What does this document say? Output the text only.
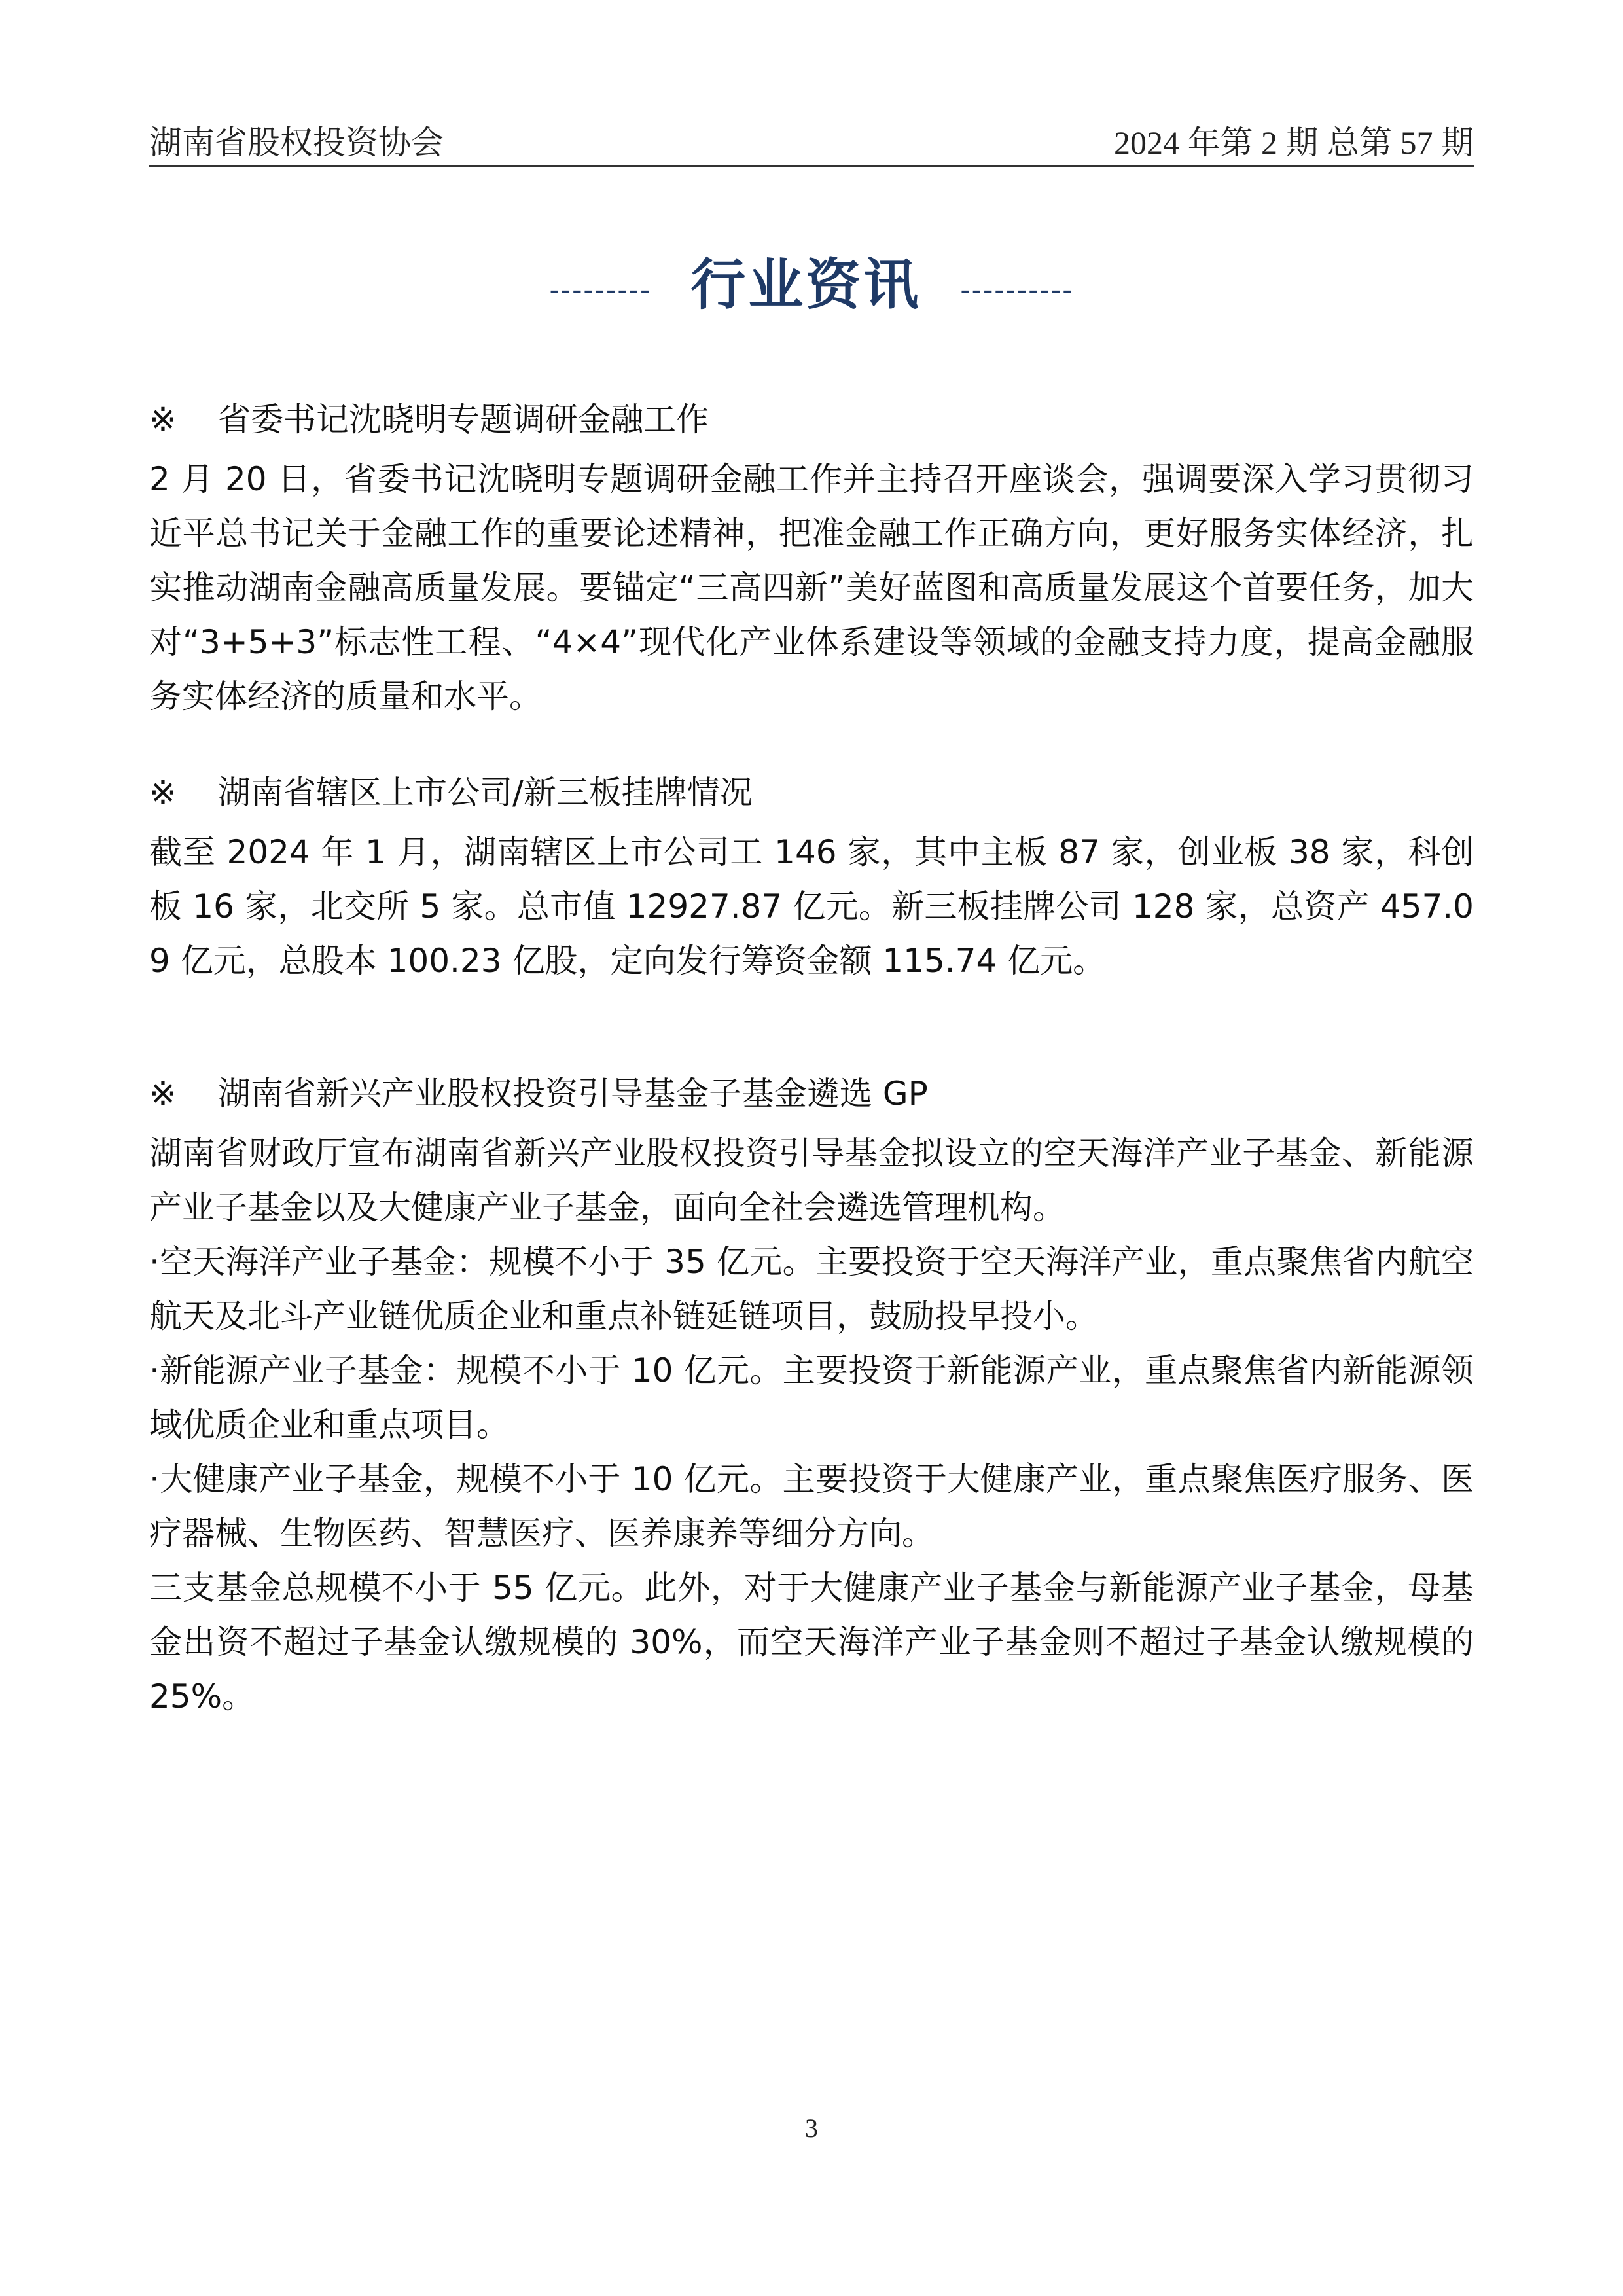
湖南省股权投资协会	2024 年第 2 期 总第 57 期
--------- 行业资讯 ----------
※	省委书记沈晓明专题调研金融工作

2 月 20 日，省委书记沈晓明专题调研金融工作并主持召开座谈会，强调要深入学习贯彻习近平总书记关于金融工作的重要论述精神，把准金融工作正确方向，更好服务实体经济，扎实推动湖南金融高质量发展。要锚定“三高四新”美好蓝图和高质量发展这个首要任务，加大对“3+5+3”标志性工程、“4×4”现代化产业体系建设等领域的金融支持力度，提高金融服务实体经济的质量和水平。

※	湖南省辖区上市公司/新三板挂牌情况

截至 2024 年 1 月，湖南辖区上市公司工 146 家，其中主板 87 家，创业板 38 家，科创板 16 家，北交所 5 家。总市值 12927.87 亿元。新三板挂牌公司 128 家，总资产 457.09 亿元，总股本 100.23 亿股，定向发行筹资金额 115.74 亿元。

※	湖南省新兴产业股权投资引导基金子基金遴选 GP

湖南省财政厅宣布湖南省新兴产业股权投资引导基金拟设立的空天海洋产业子基金、新能源产业子基金以及大健康产业子基金，面向全社会遴选管理机构。

·空天海洋产业子基金：规模不小于 35 亿元。主要投资于空天海洋产业，重点聚焦省内航空航天及北斗产业链优质企业和重点补链延链项目，鼓励投早投小。

·新能源产业子基金：规模不小于 10 亿元。主要投资于新能源产业，重点聚焦省内新能源领域优质企业和重点项目。

·大健康产业子基金，规模不小于 10 亿元。主要投资于大健康产业，重点聚焦医疗服务、医疗器械、生物医药、智慧医疗、医养康养等细分方向。

三支基金总规模不小于 55 亿元。此外，对于大健康产业子基金与新能源产业子基金，母基金出资不超过子基金认缴规模的 30%，而空天海洋产业子基金则不超过子基金认缴规模的 25%。

3
